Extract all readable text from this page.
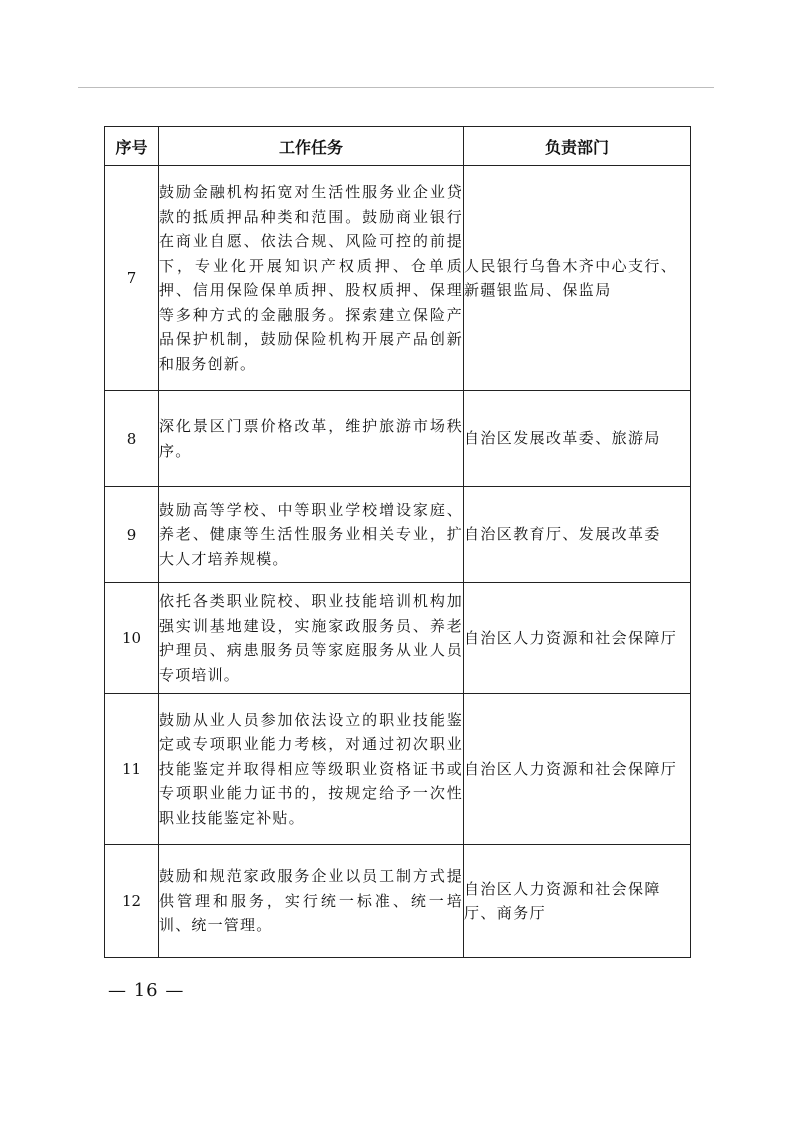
序号	工作任务	负责部门
7	鼓励金融机构拓宽对生活性服务业企业贷款的抵质押品种类和范围。鼓励商业银行在商业自愿、依法合规、风险可控的前提下，专业化开展知识产权质押、仓单质押、信用保险保单质押、股权质押、保理等多种方式的金融服务。探索建立保险产品保护机制，鼓励保险机构开展产品创新和服务创新。	人民银行乌鲁木齐中心支行、新疆银监局、保监局
8	深化景区门票价格改革，维护旅游市场秩序。	自治区发展改革委、旅游局
9	鼓励高等学校、中等职业学校增设家庭、养老、健康等生活性服务业相关专业，扩大人才培养规模。	自治区教育厅、发展改革委
10	依托各类职业院校、职业技能培训机构加强实训基地建设，实施家政服务员、养老护理员、病患服务员等家庭服务从业人员专项培训。	自治区人力资源和社会保障厅
11	鼓励从业人员参加依法设立的职业技能鉴定或专项职业能力考核，对通过初次职业技能鉴定并取得相应等级职业资格证书或专项职业能力证书的，按规定给予一次性职业技能鉴定补贴。	自治区人力资源和社会保障厅
12	鼓励和规范家政服务企业以员工制方式提供管理和服务，实行统一标准、统一培训、统一管理。	自治区人力资源和社会保障厅、商务厅
— 16 —
